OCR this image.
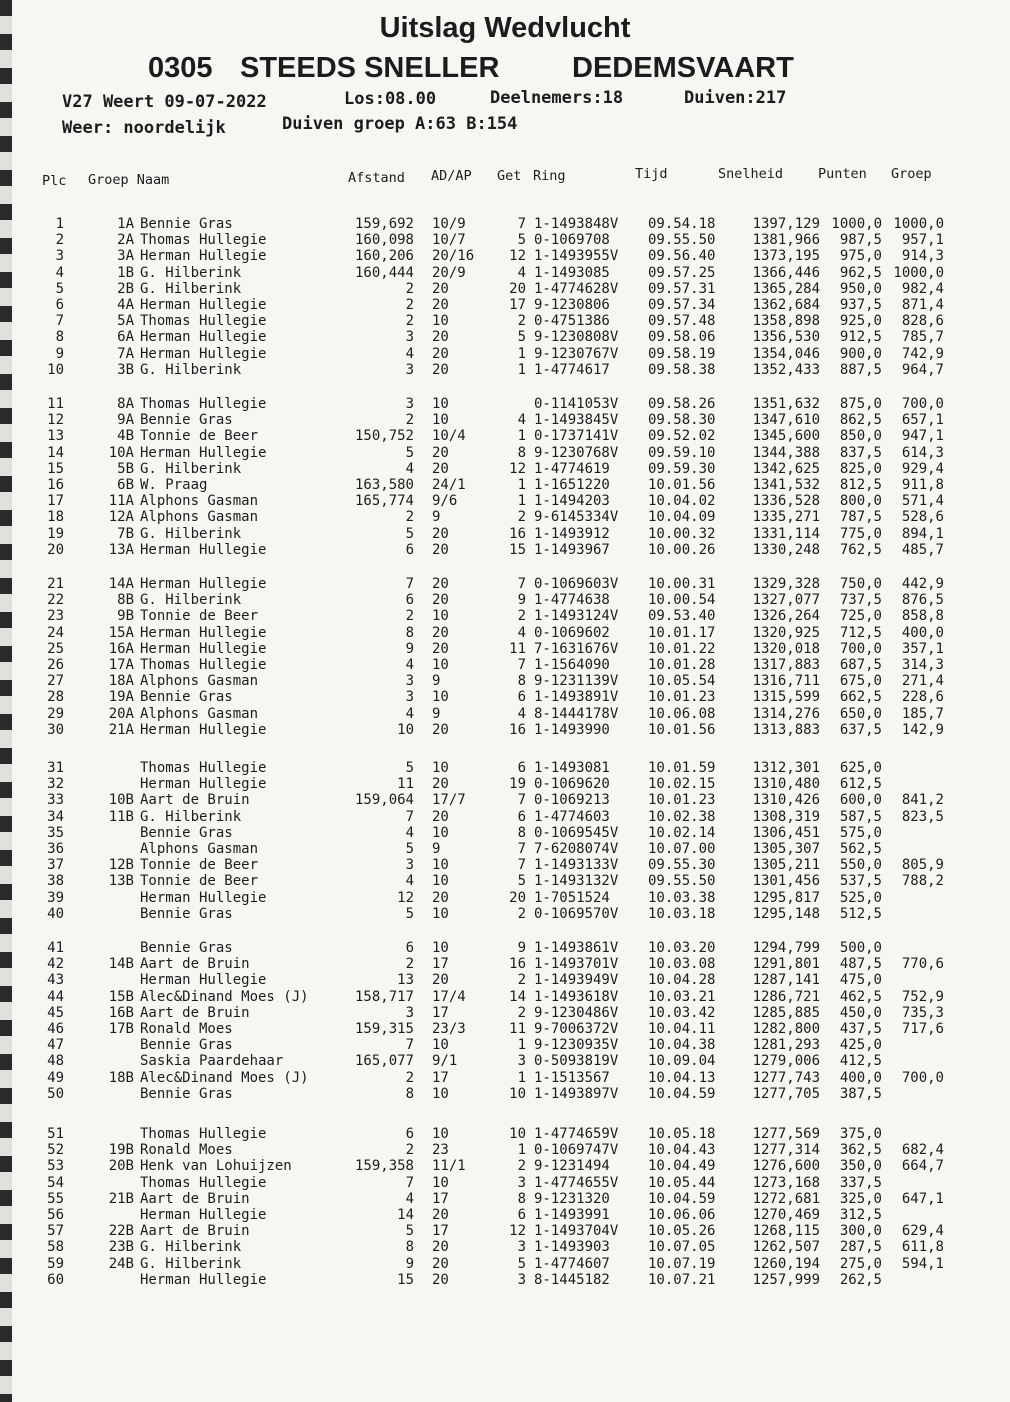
Uitslag Wedvlucht
0305 STEEDS SNELLER	DEDEMSVAART
V27 Weert 09-07-2022	Los:08.00	Deelnemers:18	Duiven:217
Weer: noordelijk	Duiven groep A:63 B:154
Plc Groep Naam	Afstand AD/AP Get Ring	Tijd	Snelheid	Punten Groep
1	1A Bennie Gras	159,692 10/9	7 1-1493848V 09.54.18	1397,129 1000,0 1000,0
2	2A Thomas Hullegie	160,098 10/7	5 0-1069708	09.55.50	1381,966	987,5	957,1
3	3A Herman Hullegie	160,206 20/16	12 1-1493955V 09.56.40	1373,195	975,0	914,3
4	1B G. Hilberink	160,444 20/9	4 1-1493085	09.57.25	1366,446	962,5 1000,0
5	2B G. Hilberink	2 20	20 1-4774628V 09.57.31	1365,284	950,0	982,4
6	4A Herman Hullegie	2 20	17 9-1230806	09.57.34	1362,684	937,5	871,4
7	5A Thomas Hullegie	2 10	2 0-4751386	09.57.48	1358,898	925,0	828,6
8	6A Herman Hullegie	3 20	5 9-1230808V 09.58.06	1356,530	912,5	785,7
9	7A Herman Hullegie	4 20	1 9-1230767V 09.58.19	1354,046	900,0	742,9
10	3B G. Hilberink	3 20	1 1-4774617	09.58.38	1352,433	887,5	964,7
11	8A Thomas Hullegie	3 10	0-1141053V 09.58.26	1351,632	875,0	700,0
12	9A Bennie Gras	2 10	4 1-1493845V 09.58.30	1347,610	862,5	657,1
13	4B Tonnie de Beer	150,752 10/4	1 0-1737141V 09.52.02	1345,600	850,0	947,1
14	10A Herman Hullegie	5 20	8 9-1230768V 09.59.10	1344,388	837,5	614,3
15	5B G. Hilberink	4 20	12 1-4774619	09.59.30	1342,625	825,0	929,4
16	6B W. Praag	163,580 24/1	1 1-1651220	10.01.56	1341,532	812,5	911,8
17	11A Alphons Gasman	165,774 9/6	1 1-1494203	10.04.02	1336,528	800,0	571,4
18	12A Alphons Gasman	2 9	2 9-6145334V 10.04.09	1335,271	787,5	528,6
19	7B G. Hilberink	5 20	16 1-1493912	10.00.32	1331,114	775,0	894,1
20	13A Herman Hullegie	6 20	15 1-1493967	10.00.26	1330,248	762,5	485,7
21	14A Herman Hullegie	7 20	7 0-1069603V 10.00.31	1329,328	750,0	442,9
22	8B G. Hilberink	6 20	9 1-4774638	10.00.54	1327,077	737,5	876,5
23	9B Tonnie de Beer	2 10	2 1-1493124V 09.53.40	1326,264	725,0	858,8
24	15A Herman Hullegie	8 20	4 0-1069602	10.01.17	1320,925	712,5	400,0
25	16A Herman Hullegie	9 20	11 7-1631676V 10.01.22	1320,018	700,0	357,1
26	17A Thomas Hullegie	4 10	7 1-1564090	10.01.28	1317,883	687,5	314,3
27	18A Alphons Gasman	3 9	8 9-1231139V 10.05.54	1316,711	675,0	271,4
28	19A Bennie Gras	3 10	6 1-1493891V 10.01.23	1315,599	662,5	228,6
29	20A Alphons Gasman	4 9	4 8-1444178V 10.06.08	1314,276	650,0	185,7
30	21A Herman Hullegie	10 20	16 1-1493990	10.01.56	1313,883	637,5	142,9
31	Thomas Hullegie	5 10	6 1-1493081	10.01.59	1312,301	625,0
32	Herman Hullegie	11 20	19 0-1069620	10.02.15	1310,480	612,5
33	10B Aart de Bruin	159,064 17/7	7 0-1069213	10.01.23	1310,426	600,0	841,2
34	11B G. Hilberink	7 20	6 1-4774603	10.02.38	1308,319	587,5	823,5
35	Bennie Gras	4 10	8 0-1069545V 10.02.14	1306,451	575,0
36	Alphons Gasman	5 9	7 7-6208074V 10.07.00	1305,307	562,5
37	12B Tonnie de Beer	3 10	7 1-1493133V 09.55.30	1305,211	550,0	805,9
38	13B Tonnie de Beer	4 10	5 1-1493132V 09.55.50	1301,456	537,5	788,2
39	Herman Hullegie	12 20	20 1-7051524	10.03.38	1295,817	525,0
40	Bennie Gras	5 10	2 0-1069570V 10.03.18	1295,148	512,5
41	Bennie Gras	6 10	9 1-1493861V 10.03.20	1294,799	500,0
42	14B Aart de Bruin	2 17	16 1-1493701V 10.03.08	1291,801	487,5	770,6
43	Herman Hullegie	13 20	2 1-1493949V 10.04.28	1287,141	475,0
44	15B Alec&Dinand Moes (J)	158,717 17/4	14 1-1493618V 10.03.21	1286,721	462,5	752,9
45	16B Aart de Bruin	3 17	2 9-1230486V 10.03.42	1285,885	450,0	735,3
46	17B Ronald Moes	159,315 23/3	11 9-7006372V 10.04.11	1282,800	437,5	717,6
47	Bennie Gras	7 10	1 9-1230935V 10.04.38	1281,293	425,0
48	Saskia Paardehaar	165,077 9/1	3 0-5093819V 10.09.04	1279,006	412,5
49	18B Alec&Dinand Moes (J)	2 17	1 1-1513567	10.04.13	1277,743	400,0	700,0
50	Bennie Gras	8 10	10 1-1493897V 10.04.59	1277,705	387,5
51	Thomas Hullegie	6 10	10 1-4774659V 10.05.18	1277,569	375,0
52	19B Ronald Moes	2 23	1 0-1069747V 10.04.43	1277,314	362,5	682,4
53	20B Henk van Lohuijzen	159,358 11/1	2 9-1231494	10.04.49	1276,600	350,0	664,7
54	Thomas Hullegie	7 10	3 1-4774655V 10.05.44	1273,168	337,5
55	21B Aart de Bruin	4 17	8 9-1231320	10.04.59	1272,681	325,0	647,1
56	Herman Hullegie	14 20	6 1-1493991	10.06.06	1270,469	312,5
57	22B Aart de Bruin	5 17	12 1-1493704V 10.05.26	1268,115	300,0	629,4
58	23B G. Hilberink	8 20	3 1-1493903	10.07.05	1262,507	287,5	611,8
59	24B G. Hilberink	9 20	5 1-4774607	10.07.19	1260,194	275,0	594,1
60	Herman Hullegie	15 20	3 8-1445182	10.07.21	1257,999	262,5
